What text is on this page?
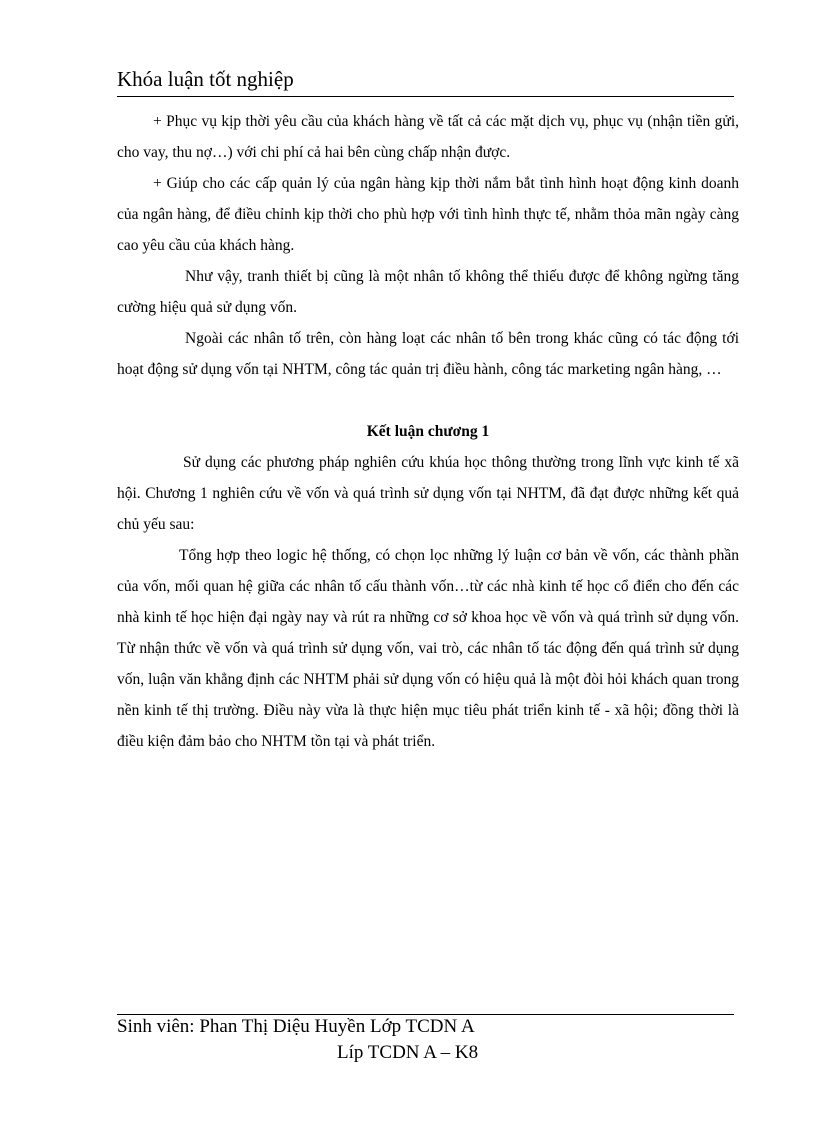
Khóa luận tốt nghiệp

+ Phục vụ kịp thời yêu cầu của khách hàng về tất cả các mặt dịch vụ, phục vụ (nhận tiền gửi, cho vay, thu nợ…) với chi phí cả hai bên cùng chấp nhận được.

+ Giúp cho các cấp quản lý của ngân hàng kịp thời nắm bắt tình hình hoạt động kinh doanh của ngân hàng, để điều chỉnh kịp thời cho phù hợp với tình hình thực tế, nhằm thỏa mãn ngày càng cao yêu cầu của khách hàng.

Như vậy, tranh thiết bị cũng là một nhân tố không thể thiếu được để không ngừng tăng cường hiệu quả sử dụng vốn.

Ngoài các nhân tố trên, còn hàng loạt các nhân tố bên trong khác cũng có tác động tới hoạt động sử dụng vốn tại NHTM, công tác quản trị điều hành, công tác marketing ngân hàng, …

Kết luận chương 1

Sử dụng các phương pháp nghiên cứu khúa học thông thường trong lĩnh vực kinh tế xã hội. Chương 1 nghiên cứu về vốn và quá trình sử dụng vốn tại NHTM, đã đạt được những kết quả chủ yếu sau:

Tổng hợp theo logic hệ thống, có chọn lọc những lý luận cơ bản về vốn, các thành phần của vốn, mối quan hệ giữa các nhân tố cấu thành vốn…từ các nhà kinh tế học cổ điển cho đến các nhà kinh tế học hiện đại ngày nay và rút ra những cơ sở khoa học về vốn và quá trình sử dụng vốn. Từ nhận thức về vốn và quá trình sử dụng vốn, vai trò, các nhân tố tác động đến quá trình sử dụng vốn, luận văn khẳng định các NHTM phải sử dụng vốn có hiệu quả là một đòi hỏi khách quan trong nền kinh tế thị trường. Điều này vừa là thực hiện mục tiêu phát triển kinh tế - xã hội; đồng thời là điều kiện đảm bảo cho NHTM tồn tại và phát triển.

Sinh viên: Phan Thị Diệu Huyền Lớp TCDN A
Líp TCDN A – K8
